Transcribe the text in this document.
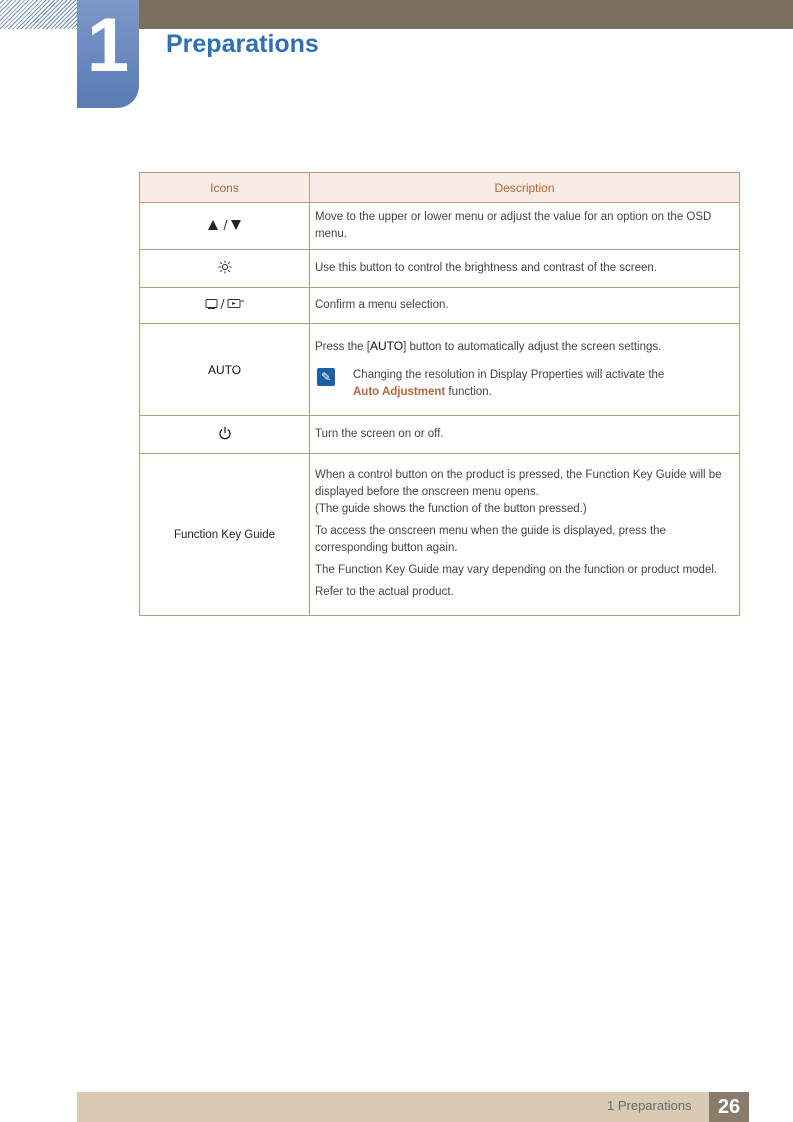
1	Preparations
Icons	Description
	Move to the upper or lower menu or adjust the value for an option on the OSD menu.
	Use this button to control the brightness and contrast of the screen.
	Confirm a menu selection.
AUTO	Press the [AUTO] button to automatically adjust the screen settings.

✎ Changing the resolution in Display Properties will activate the
Auto Adjustment function.

	Turn the screen on or off.
Function Key Guide	When a control button on the product is pressed, the Function Key Guide will be displayed before the onscreen menu opens.
(The guide shows the function of the button pressed.)

To access the onscreen menu when the guide is displayed, press the corresponding button again.

The Function Key Guide may vary depending on the function or product model.

Refer to the actual product.

1 Preparations	26
